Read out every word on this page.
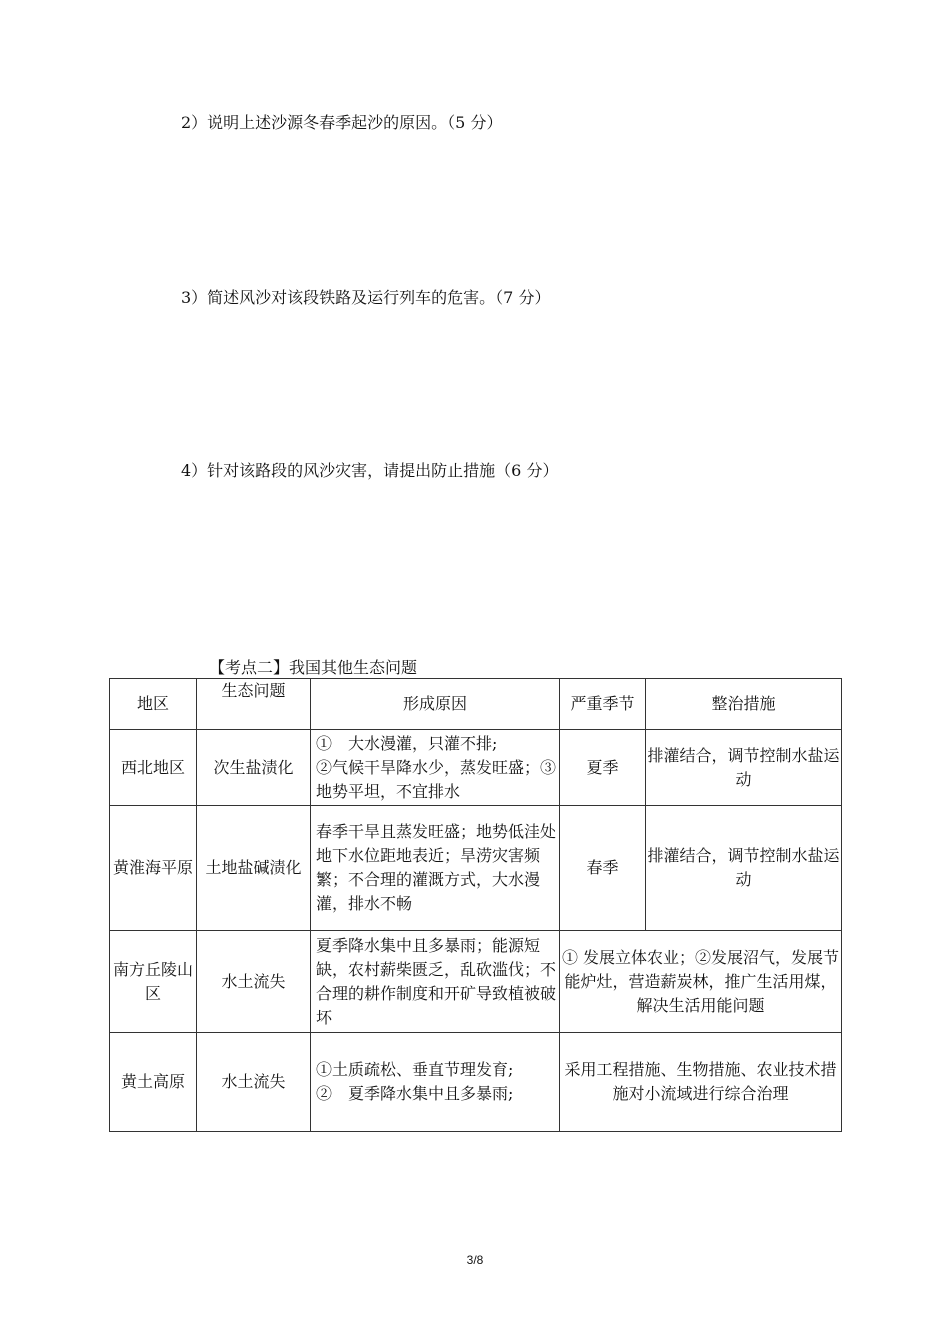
2）说明上述沙源冬春季起沙的原因。（5 分）
3）简述风沙对该段铁路及运行列车的危害。（7 分）
4）针对该路段的风沙灾害，请提出防止措施（6 分）
【考点二】我国其他生态问题
地区	生态问题	形成原因	严重季节	整治措施
西北地区	次生盐渍化	①　大水漫灌，只灌不排;
②气候干旱降水少，蒸发旺盛；③地势平坦，不宜排水	夏季	排灌结合，调节控制水盐运动
黄淮海平原	土地盐碱渍化	春季干旱且蒸发旺盛；地势低洼处地下水位距地表近；旱涝灾害频繁；不合理的灌溉方式，大水漫灌，排水不畅	春季	排灌结合，调节控制水盐运动
南方丘陵山区	水土流失	夏季降水集中且多暴雨；能源短缺，农村薪柴匮乏，乱砍滥伐；不合理的耕作制度和开矿导致植被破坏	① 发展立体农业；②发展沼气，发展节能炉灶，营造薪炭林，推广生活用煤，解决生活用能问题	
黄土高原	水土流失	①土质疏松、垂直节理发育;
②　夏季降水集中且多暴雨;	采用工程措施、生物措施、农业技术措施对小流域进行综合治理	
3/8
